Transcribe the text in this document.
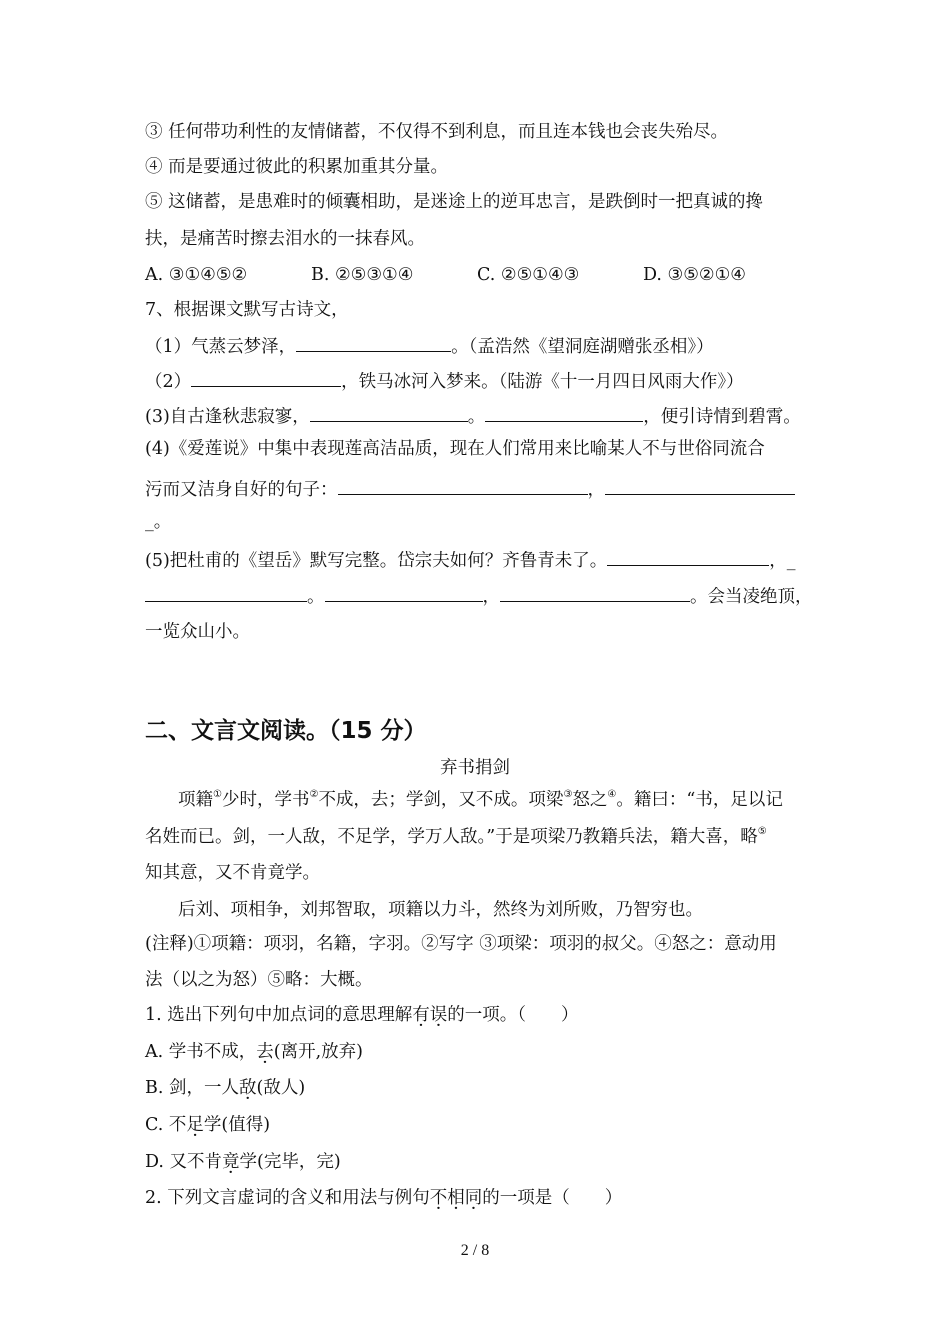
③ 任何带功利性的友情储蓄，不仅得不到利息，而且连本钱也会丧失殆尽。
④ 而是要通过彼此的积累加重其分量。
⑤ 这储蓄，是患难时的倾囊相助，是迷途上的逆耳忠言，是跌倒时一把真诚的搀
扶，是痛苦时擦去泪水的一抹春风。
A. ③①④⑤②	B. ②⑤③①④	C. ②⑤①④③	D. ③⑤②①④
7、根据课文默写古诗文，
（1）气蒸云梦泽，	。（孟浩然《望洞庭湖赠张丞相》）
（2）	，铁马冰河入梦来。（陆游《十一月四日风雨大作》）
(3)自古逢秋悲寂寥，	。	，便引诗情到碧霄。
(4)《爱莲说》中集中表现莲高洁品质，现在人们常用来比喻某人不与世俗同流合
污而又洁身自好的句子：	，
_。
(5)把杜甫的《望岳》默写完整。岱宗夫如何？齐鲁青未了。	，_
。	，	。会当凌绝顶，
一览众山小。
二、文言文阅读。（15 分）
弃书捐剑
项籍①少时，学书②不成，去；学剑，又不成。项梁③怒之④。籍曰：“书，足以记
名姓而已。剑，一人敌，不足学，学万人敌。”于是项梁乃教籍兵法，籍大喜，略⑤
知其意，又不肯竟学。
后刘、项相争，刘邦智取，项籍以力斗，然终为刘所败，乃智穷也。
(注释)①项籍：项羽，名籍，字羽。②写字 ③项梁：项羽的叔父。④怒之：意动用
法（以之为怒）⑤略：大概。
1. 选出下列句中加点词的意思理解有误的一项。（　　）
A. 学书不成，去(离开,放弃)
B. 剑，一人敌(敌人)
C. 不足学(值得)
D. 又不肯竟学(完毕，完)
2. 下列文言虚词的含义和用法与例句不相同的一项是（　　）
2 / 8
